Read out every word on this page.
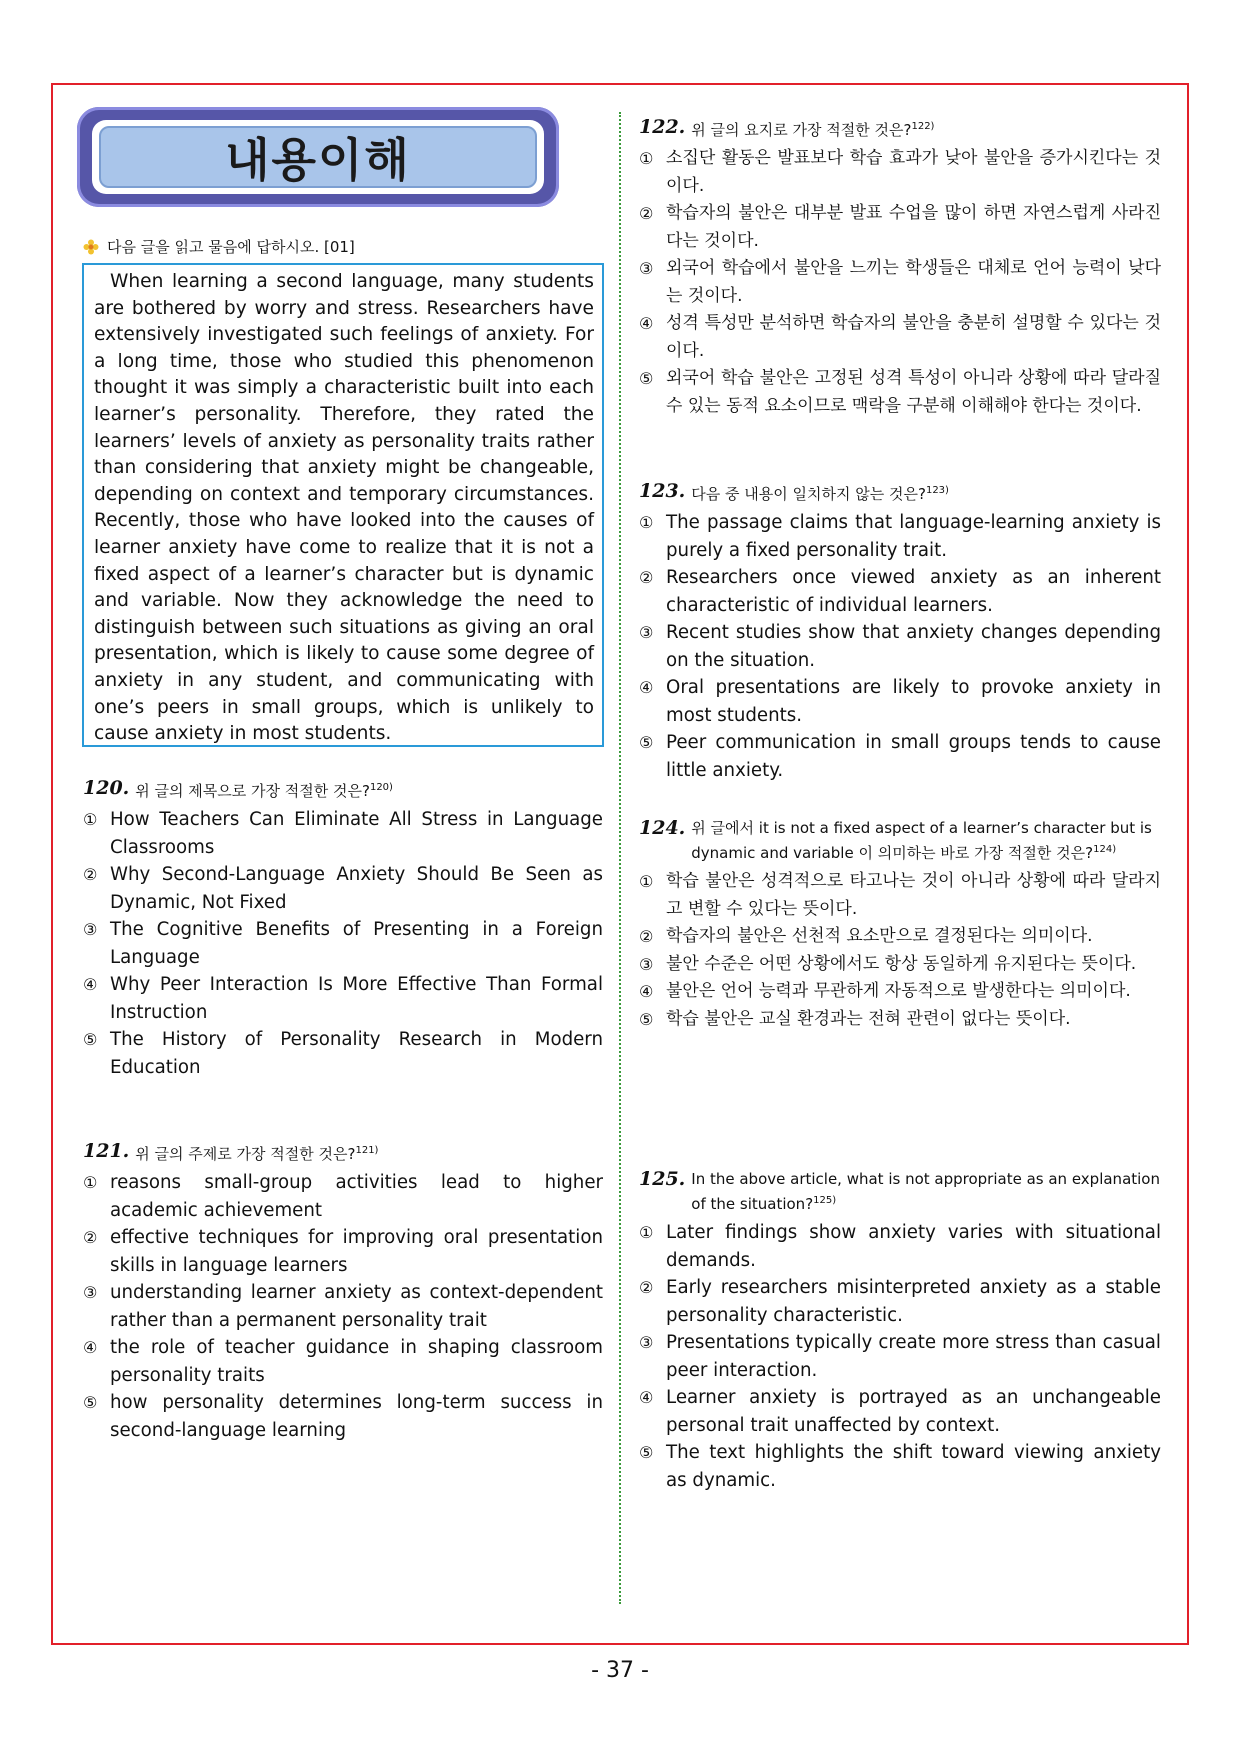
내용이해
다음 글을 읽고 물음에 답하시오. [01]

When learning a second language, many students are bothered by worry and stress. Researchers have extensively investigated such feelings of anxiety. For a long time, those who studied this phenomenon thought it was simply a characteristic built into each learner’s personality. Therefore, they rated the learners’ levels of anxiety as personality traits rather than considering that anxiety might be changeable, depending on context and temporary circumstances. Recently, those who have looked into the causes of learner anxiety have come to realize that it is not a fixed aspect of a learner’s character but is dynamic and variable. Now they acknowledge the need to distinguish between such situations as giving an oral presentation, which is likely to cause some degree of anxiety in any student, and communicating with one’s peers in small groups, which is unlikely to cause anxiety in most students.

120. 위 글의 제목으로 가장 적절한 것은?$^{120)}$
① How Teachers Can Eliminate All Stress in Language Classrooms
② Why Second-Language Anxiety Should Be Seen as Dynamic, Not Fixed
③ The Cognitive Benefits of Presenting in a Foreign Language
④ Why Peer Interaction Is More Effective Than Formal Instruction
⑤ The History of Personality Research in Modern Education
121. 위 글의 주제로 가장 적절한 것은?$^{121)}$
① reasons small-group activities lead to higher academic achievement
② effective techniques for improving oral presentation skills in language learners
③ understanding learner anxiety as context-dependent rather than a permanent personality trait
④ the role of teacher guidance in shaping classroom personality traits
⑤ how personality determines long-term success in second-language learning
122. 위 글의 요지로 가장 적절한 것은?$^{122)}$
① 소집단 활동은 발표보다 학습 효과가 낮아 불안을 증가시킨다는 것이다.
② 학습자의 불안은 대부분 발표 수업을 많이 하면 자연스럽게 사라진다는 것이다.
③ 외국어 학습에서 불안을 느끼는 학생들은 대체로 언어 능력이 낮다는 것이다.
④ 성격 특성만 분석하면 학습자의 불안을 충분히 설명할 수 있다는 것이다.
⑤ 외국어 학습 불안은 고정된 성격 특성이 아니라 상황에 따라 달라질 수 있는 동적 요소이므로 맥락을 구분해 이해해야 한다는 것이다.
123. 다음 중 내용이 일치하지 않는 것은?$^{123)}$
① The passage claims that language-learning anxiety is purely a fixed personality trait.
② Researchers once viewed anxiety as an inherent characteristic of individual learners.
③ Recent studies show that anxiety changes depending on the situation.
④ Oral presentations are likely to provoke anxiety in most students.
⑤ Peer communication in small groups tends to cause little anxiety.
124. 위 글에서 it is not a fixed aspect of a learner’s character but is dynamic and variable 이 의미하는 바로 가장 적절한 것은?$^{124)}$
① 학습 불안은 성격적으로 타고나는 것이 아니라 상황에 따라 달라지고 변할 수 있다는 뜻이다.
② 학습자의 불안은 선천적 요소만으로 결정된다는 의미이다.
③ 불안 수준은 어떤 상황에서도 항상 동일하게 유지된다는 뜻이다.
④ 불안은 언어 능력과 무관하게 자동적으로 발생한다는 의미이다.
⑤ 학습 불안은 교실 환경과는 전혀 관련이 없다는 뜻이다.
125. In the above article, what is not appropriate as an explanation of the situation?$^{125)}$
① Later findings show anxiety varies with situational demands.
② Early researchers misinterpreted anxiety as a stable personality characteristic.
③ Presentations typically create more stress than casual peer interaction.
④ Learner anxiety is portrayed as an unchangeable personal trait unaffected by context.
⑤ The text highlights the shift toward viewing anxiety as dynamic.
- 37 -
